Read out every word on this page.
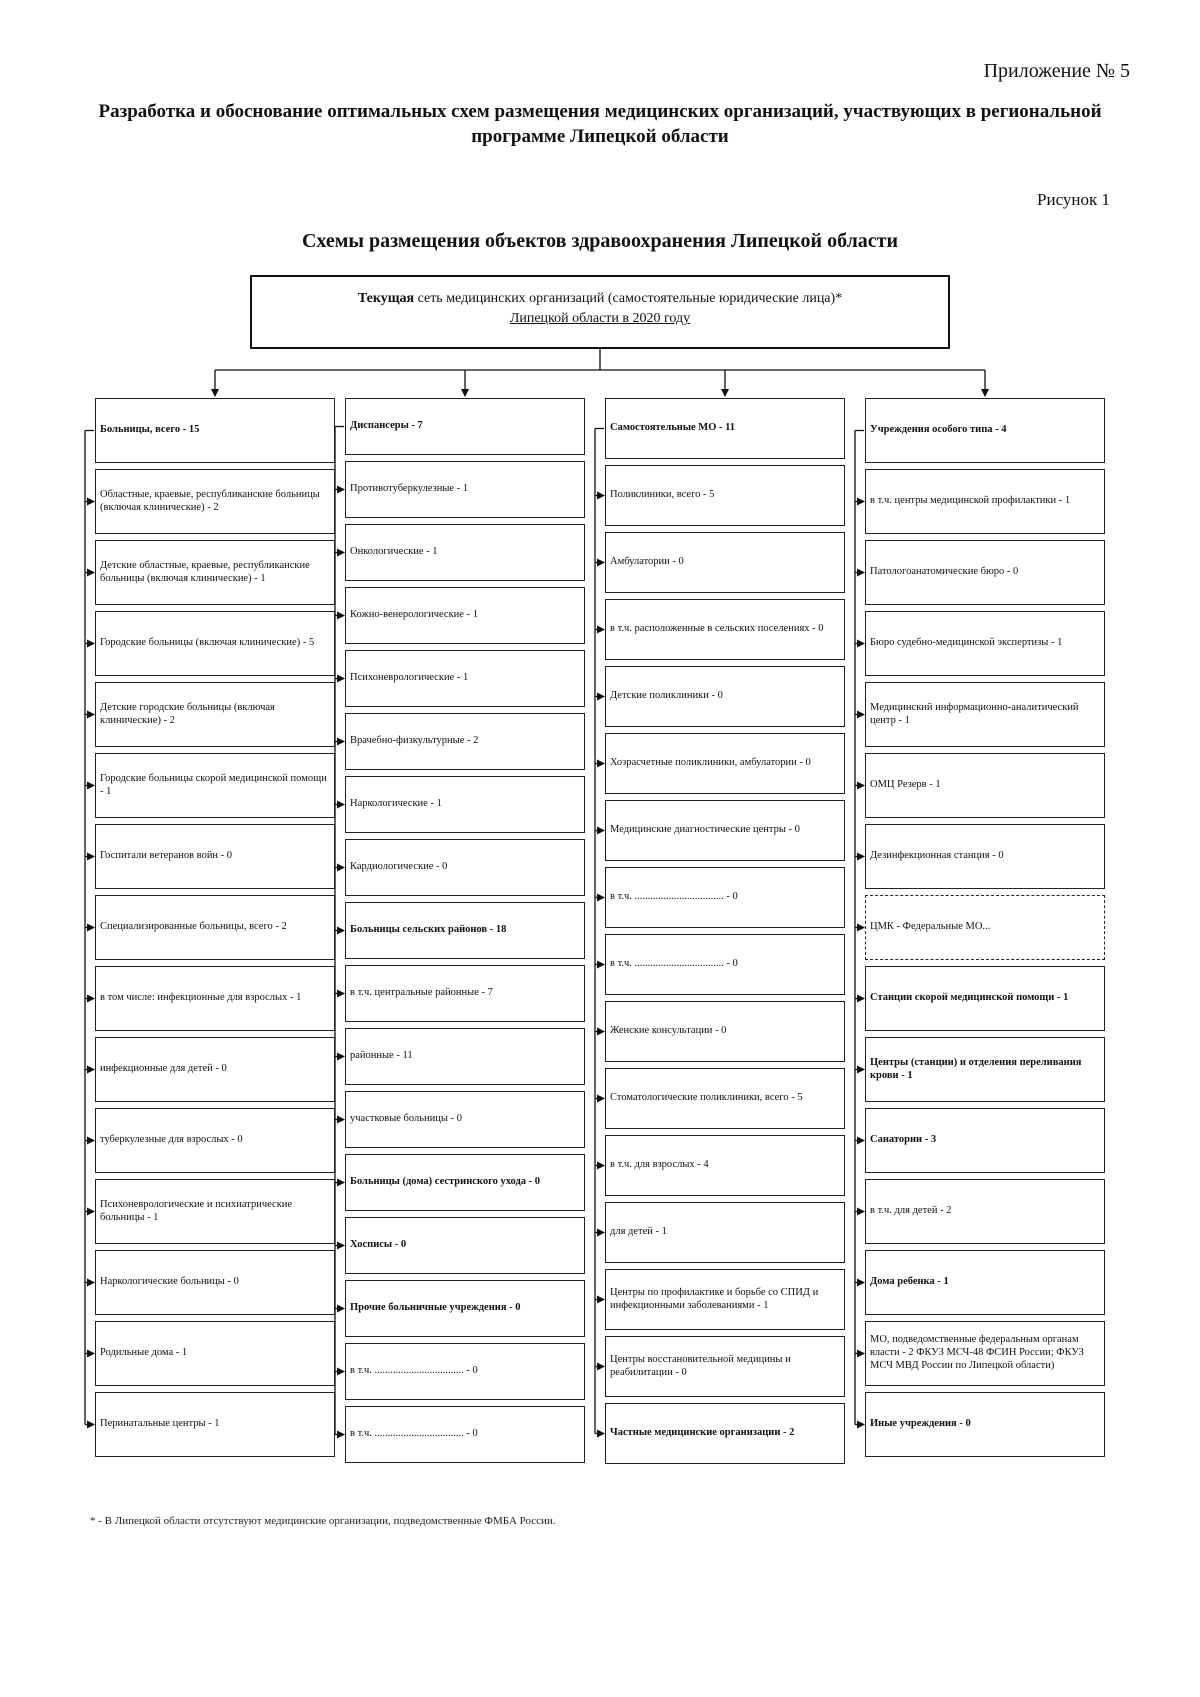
Приложение № 5
Разработка и обоснование оптимальных схем размещения медицинских организаций, участвующих в региональной программе Липецкой области
Рисунок 1
Схемы размещения объектов здравоохранения Липецкой области
Текущая сеть медицинских организаций (самостоятельные юридические лица)*
Липецкой области в 2020 году
Больницы, всего - 15
Областные, краевые, республиканские больницы (включая клинические) - 2
Детские областные, краевые, республиканские больницы (включая клинические) - 1
Городские больницы (включая клинические) - 5
Детские городские больницы (включая клинические) - 2
Городские больницы скорой медицинской помощи - 1
Госпитали ветеранов войн - 0
Специализированные больницы, всего - 2
в том числе: инфекционные для взрослых - 1
инфекционные для детей - 0
туберкулезные для взрослых - 0
Психоневрологические и психиатрические больницы - 1
Наркологические больницы - 0
Родильные дома - 1
Перинатальные центры - 1
Диспансеры - 7
Противотуберкулезные - 1
Онкологические - 1
Кожно-венерологические - 1
Психоневрологические - 1
Врачебно-физкультурные - 2
Наркологические - 1
Кардиологические - 0
Больницы сельских районов - 18
в т.ч. центральные районные - 7
районные - 11
участковые больницы - 0
Больницы (дома) сестринского ухода - 0
Хосписы - 0
Прочие больничные учреждения - 0
в т.ч. .................................. - 0
в т.ч. .................................. - 0
Самостоятельные МО - 11
Поликлиники, всего - 5
Амбулатории - 0
в т.ч. расположенные в сельских поселениях - 0
Детские поликлиники - 0
Хозрасчетные поликлиники, амбулатории - 0
Медицинские диагностические центры - 0
в т.ч. .................................. - 0
в т.ч. .................................. - 0
Женские консультации - 0
Стоматологические поликлиники, всего - 5
в т.ч. для взрослых - 4
для детей - 1
Центры по профилактике и борьбе со СПИД и инфекционными заболеваниями - 1
Центры восстановительной медицины и реабилитации - 0
Частные медицинские организации - 2
Учреждения особого типа - 4
в т.ч. центры медицинской профилактики - 1
Патологоанатомические бюро - 0
Бюро судебно-медицинской экспертизы - 1
Медицинский информационно-аналитический центр - 1
ОМЦ Резерв - 1
Дезинфекционная станция - 0
ЦМК - Федеральные МО...
Станции скорой медицинской помощи - 1
Центры (станции) и отделения переливания крови - 1
Санатории - 3
в т.ч. для детей - 2
Дома ребенка - 1
МО, подведомственные федеральным органам власти - 2 ФКУЗ МСЧ-48 ФСИН России; ФКУЗ МСЧ МВД России по Липецкой области)
Иные учреждения - 0
* - В Липецкой области отсутствуют медицинские организации, подведомственные ФМБА России.
